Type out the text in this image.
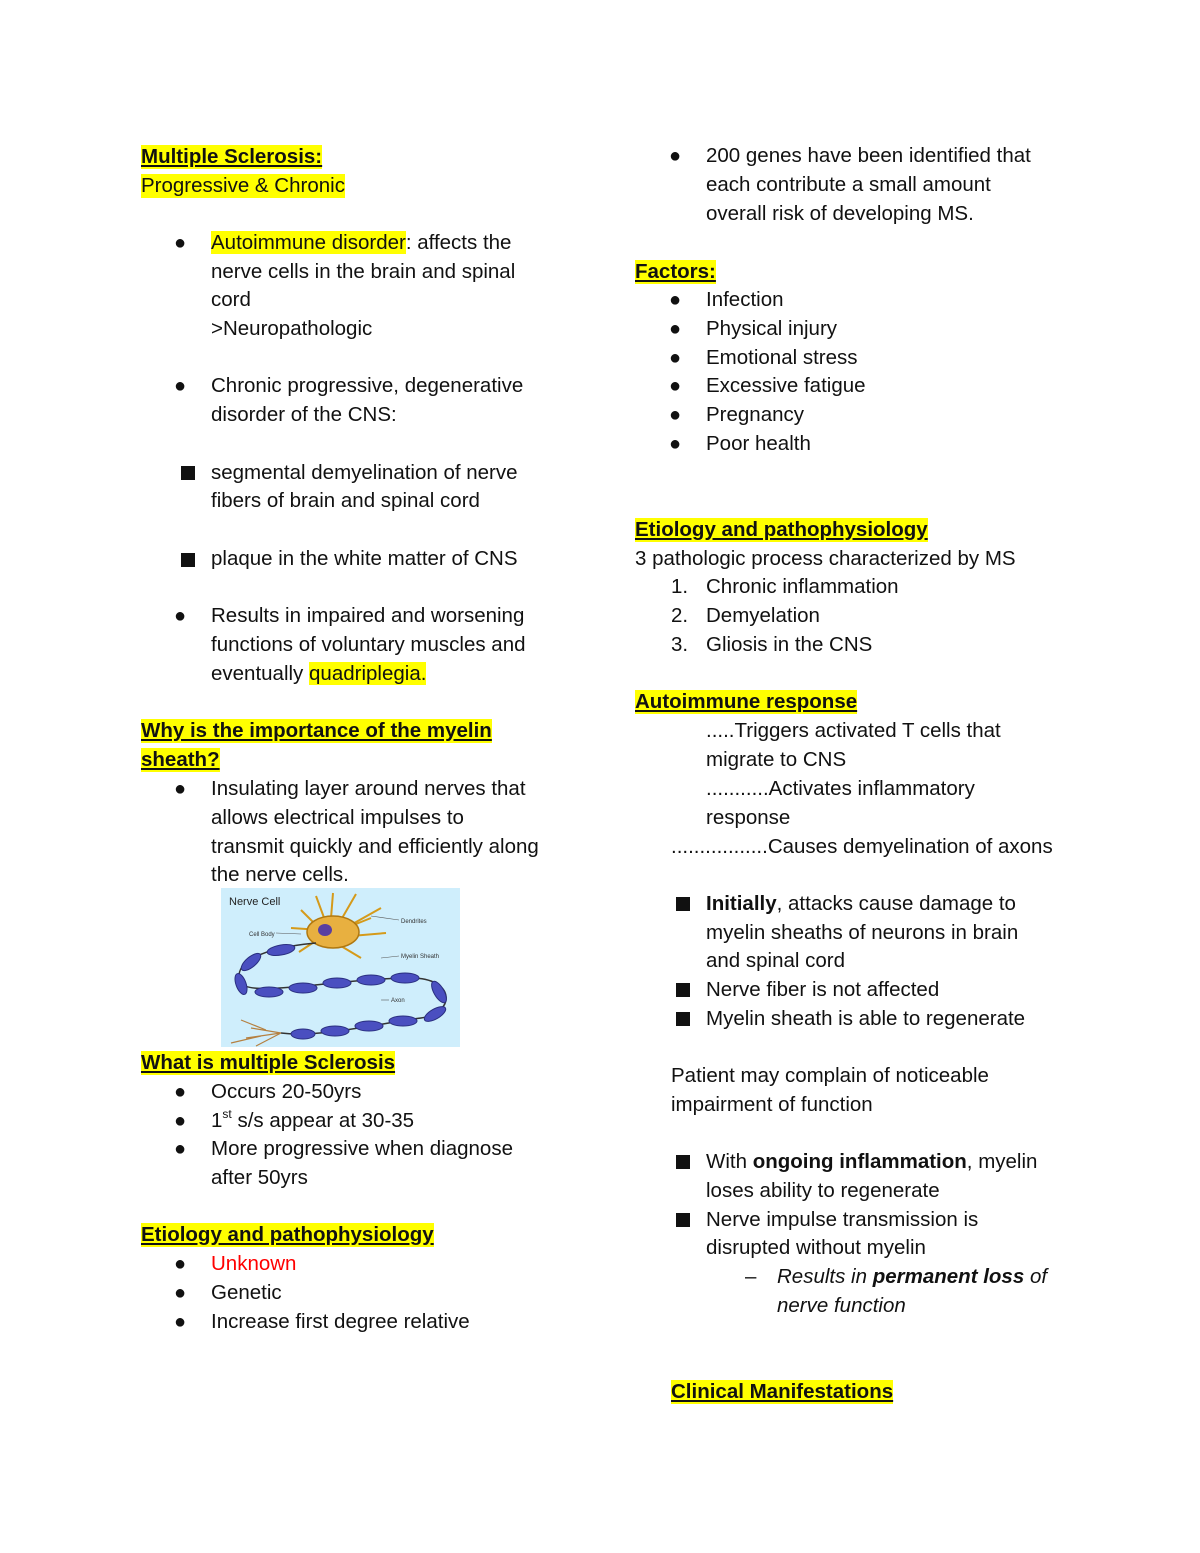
Multiple Sclerosis:
Progressive & Chronic
● Autoimmune disorder: affects the
nerve cells in the brain and spinal
cord
>Neuropathologic
● Chronic progressive, degenerative
disorder of the CNS:
segmental demyelination of nerve
fibers of brain and spinal cord
plaque in the white matter of CNS
● Results in impaired and worsening
functions of voluntary muscles and
eventually quadriplegia.
Why is the importance of the myelin
sheath?
● Insulating layer around nerves that
allows electrical impulses to
transmit quickly and efficiently along
the nerve cells.
Nerve Cell
Dendrites
Cell Body
Myelin Sheath
Axon
What is multiple Sclerosis
● Occurs 20-50yrs
● 1st s/s appear at 30-35
● More progressive when diagnose
after 50yrs
Etiology and pathophysiology
● Unknown
● Genetic
● Increase first degree relative
● 200 genes have been identified that
each contribute a small amount
overall risk of developing MS.
Factors:
● Infection
● Physical injury
● Emotional stress
● Excessive fatigue
● Pregnancy
● Poor health
Etiology and pathophysiology
3 pathologic process characterized by MS
1. Chronic inflammation
2. Demyelation
3. Gliosis in the CNS
Autoimmune response
.....Triggers activated T cells that
migrate to CNS
...........Activates inflammatory
response
.................Causes demyelination of axons
Initially, attacks cause damage to
myelin sheaths of neurons in brain
and spinal cord
Nerve fiber is not affected
Myelin sheath is able to regenerate
Patient may complain of noticeable
impairment of function
With ongoing inflammation, myelin
loses ability to regenerate
Nerve impulse transmission is
disrupted without myelin
– Results in permanent loss of
nerve function
Clinical Manifestations
